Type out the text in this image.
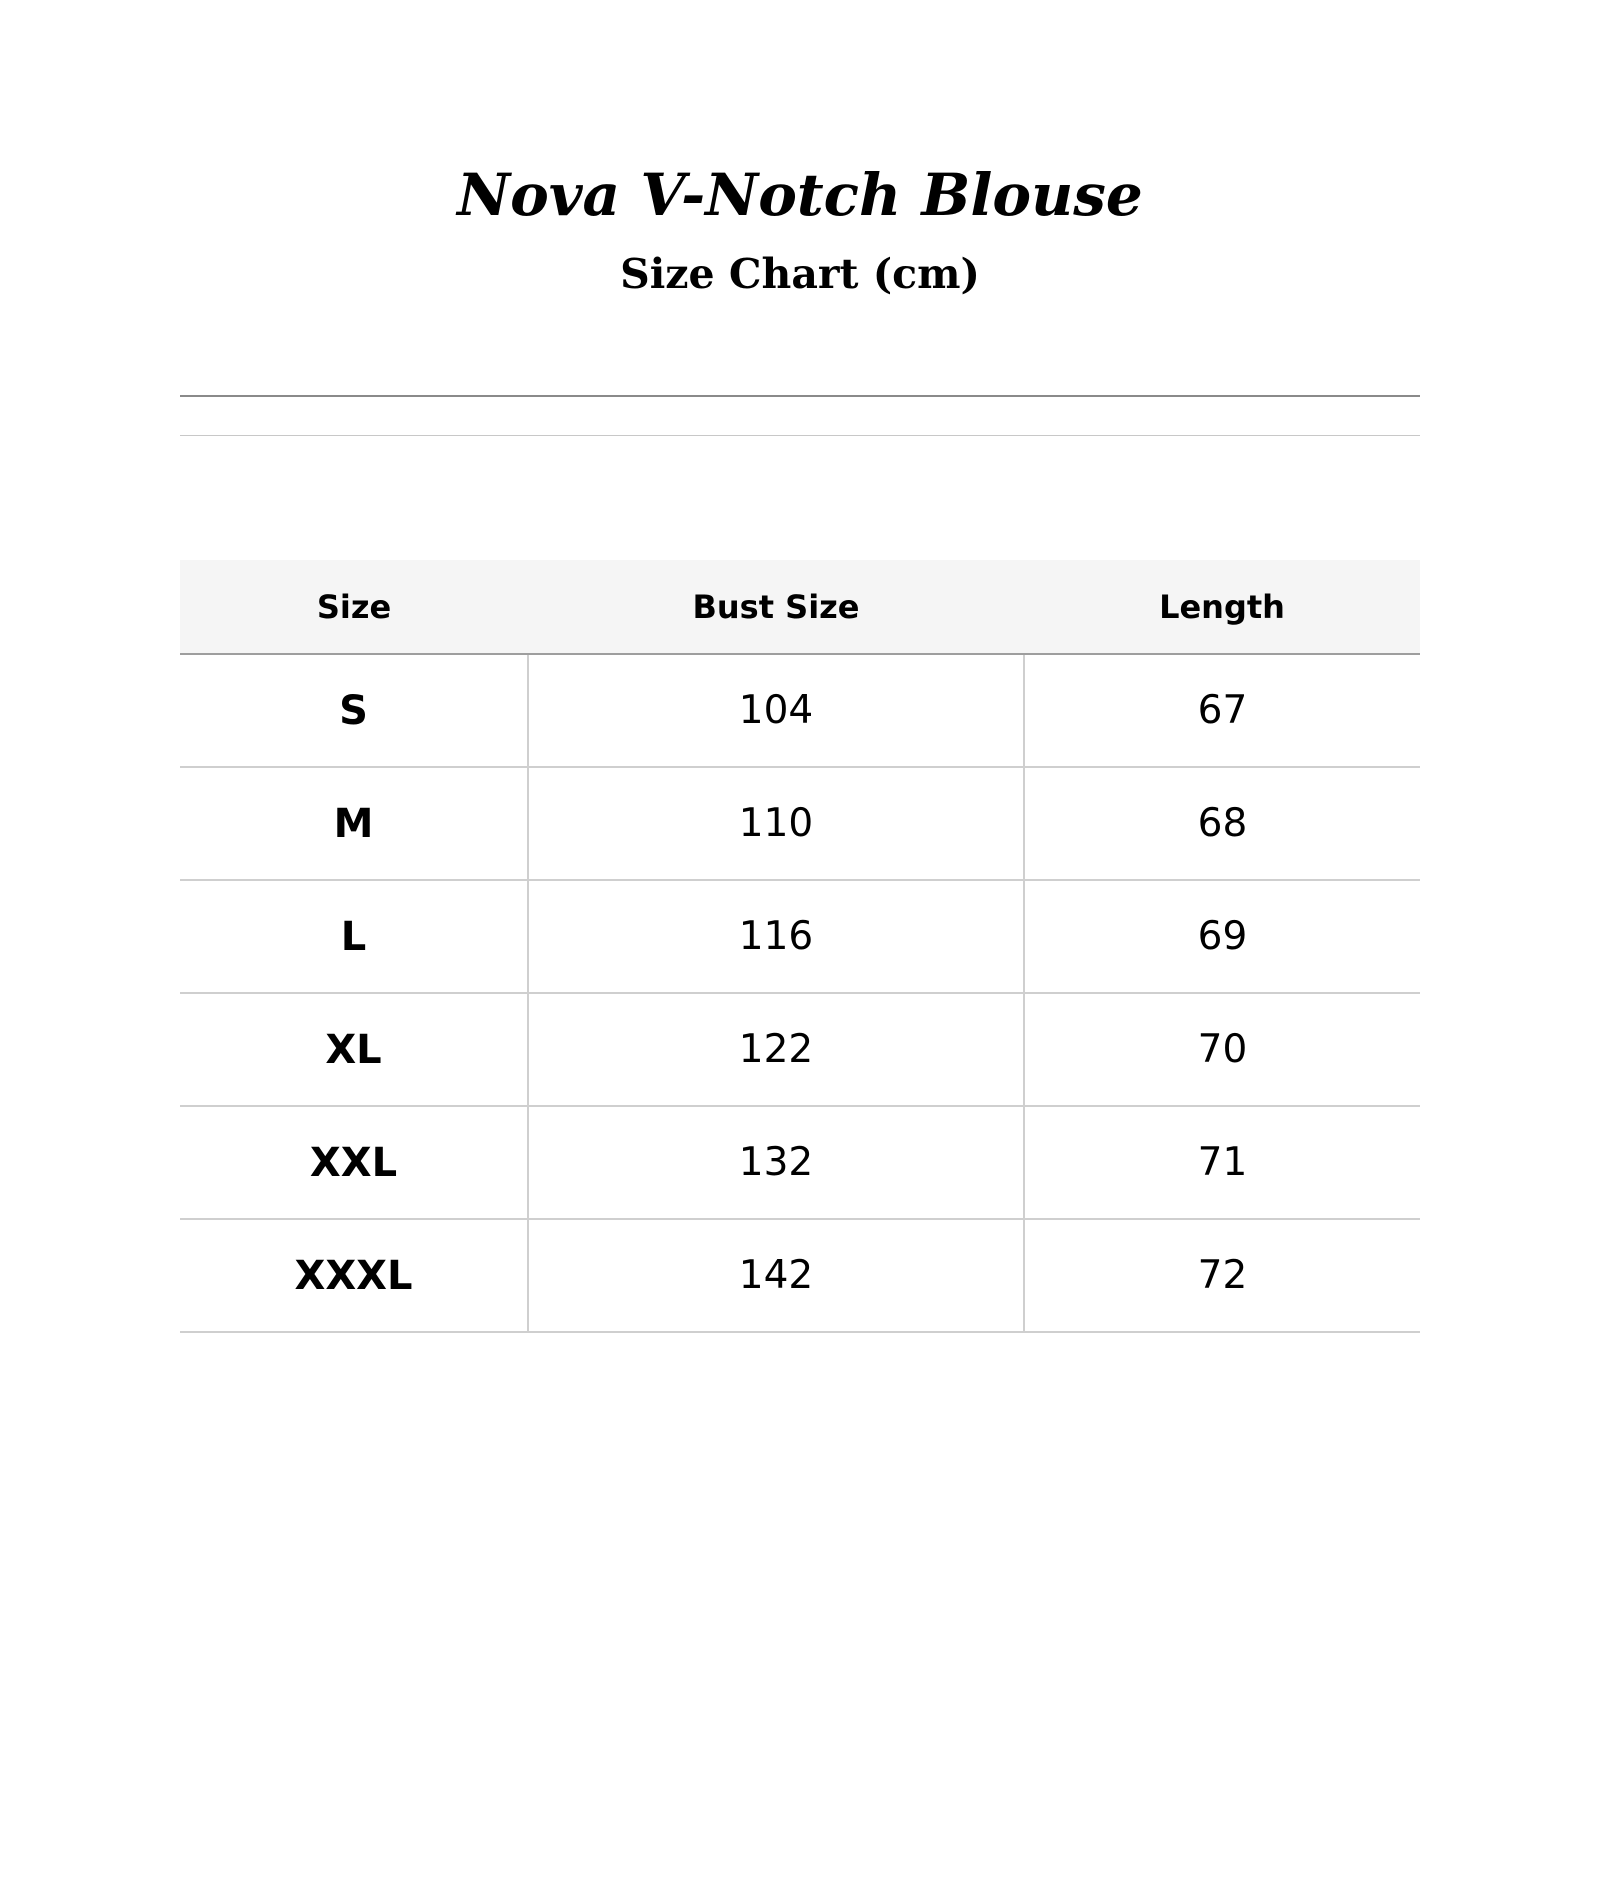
Nova V-Notch Blouse
Size Chart (cm)
Size	Bust Size	Length
S	104	67
M	110	68
L	116	69
XL	122	70
XXL	132	71
XXXL	142	72
